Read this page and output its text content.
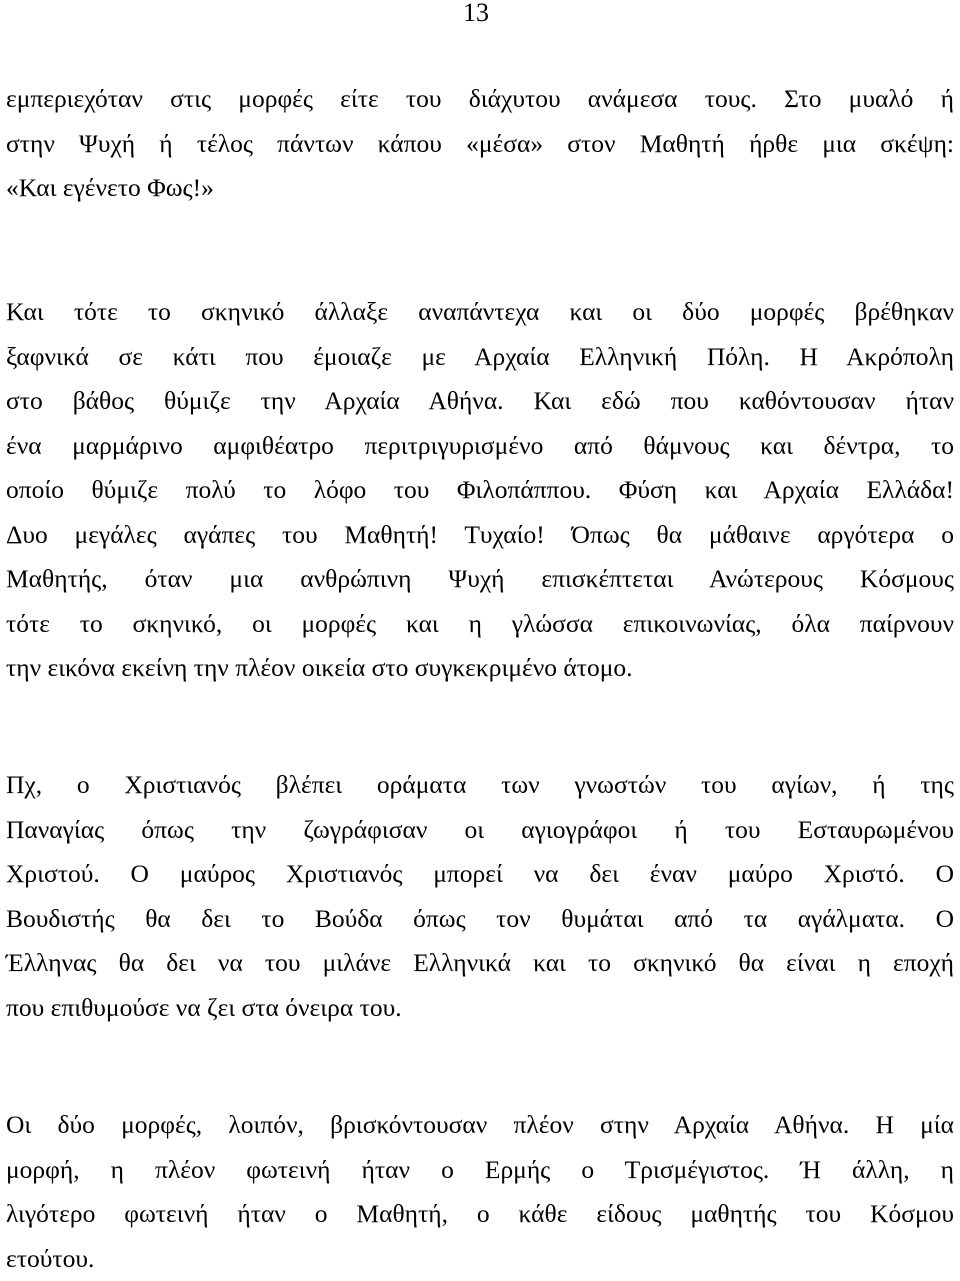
13

εμπεριεχόταν στις μορφές είτε του διάχυτου ανάμεσα τους. Στο μυαλό ή
στην Ψυχή ή τέλος πάντων κάπου «μέσα» στον Μαθητή ήρθε μια σκέψη:
«Και εγένετο Φως!»

Και τότε το σκηνικό άλλαξε αναπάντεχα και οι δύο μορφές βρέθηκαν
ξαφνικά σε κάτι που έμοιαζε με Αρχαία Ελληνική Πόλη. Η Ακρόπολη
στο βάθος θύμιζε την Αρχαία Αθήνα. Και εδώ που καθόντουσαν ήταν
ένα μαρμάρινο αμφιθέατρο περιτριγυρισμένο από θάμνους και δέντρα, το
οποίο θύμιζε πολύ το λόφο του Φιλοπάππου. Φύση και Αρχαία Ελλάδα!
Δυο μεγάλες αγάπες του Μαθητή! Τυχαίο! Όπως θα μάθαινε αργότερα ο
Μαθητής, όταν μια ανθρώπινη Ψυχή επισκέπτεται Ανώτερους Κόσμους
τότε το σκηνικό, οι μορφές και η γλώσσα επικοινωνίας, όλα παίρνουν
την εικόνα εκείνη την πλέον οικεία στο συγκεκριμένο άτομο.

Πχ, ο Χριστιανός βλέπει οράματα των γνωστών του αγίων, ή της
Παναγίας όπως την ζωγράφισαν οι αγιογράφοι ή του Εσταυρωμένου
Χριστού. Ο μαύρος Χριστιανός μπορεί να δει έναν μαύρο Χριστό. Ο
Βουδιστής θα δει το Βούδα όπως τον θυμάται από τα αγάλματα. Ο
Έλληνας θα δει να του μιλάνε Ελληνικά και το σκηνικό θα είναι η εποχή
που επιθυμούσε να ζει στα όνειρα του.

Οι δύο μορφές, λοιπόν, βρισκόντουσαν πλέον στην Αρχαία Αθήνα. Η μία
μορφή, η πλέον φωτεινή ήταν ο Ερμής ο Τρισμέγιστος. Ή άλλη, η
λιγότερο φωτεινή ήταν ο Μαθητή, ο κάθε είδους μαθητής του Κόσμου
ετούτου.
